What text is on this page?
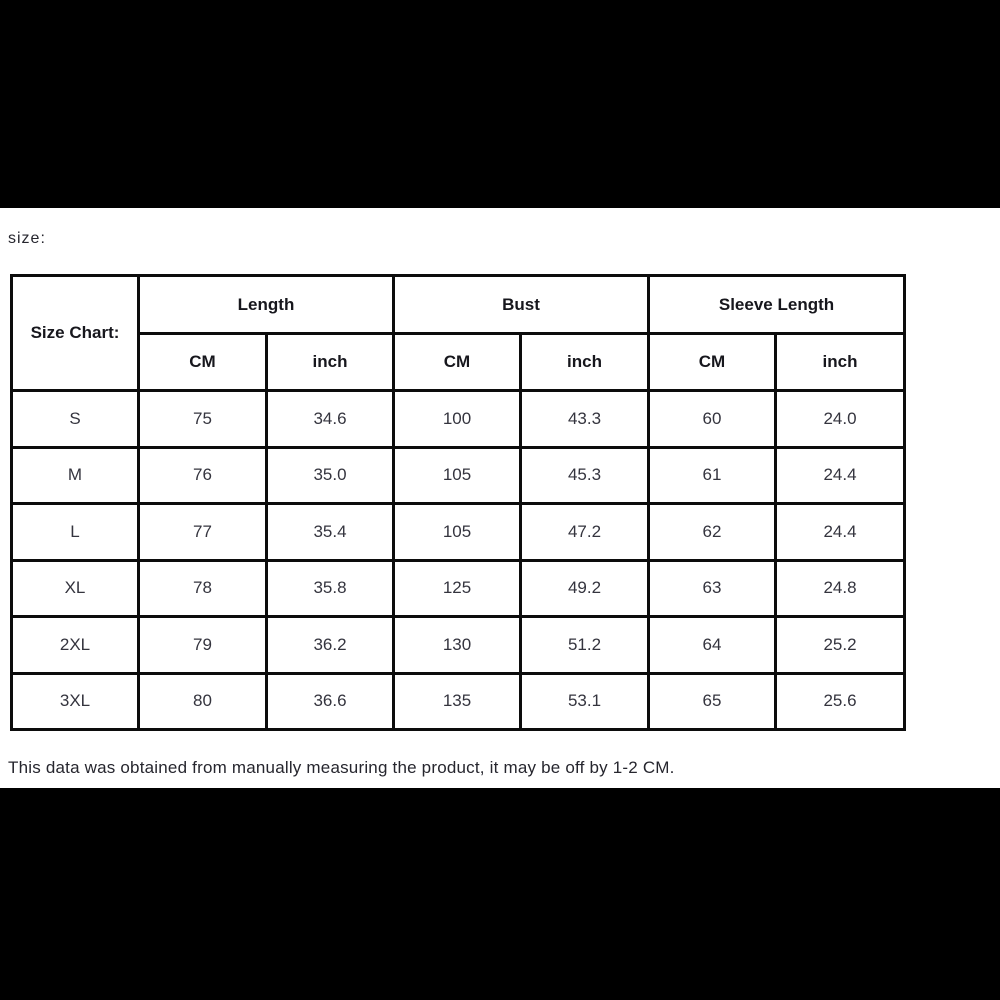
size:
Size Chart:	Length		Bust		Sleeve Length	
	CM	inch	CM	inch	CM	inch
S	75	34.6	100	43.3	60	24.0
M	76	35.0	105	45.3	61	24.4
L	77	35.4	105	47.2	62	24.4
XL	78	35.8	125	49.2	63	24.8
2XL	79	36.2	130	51.2	64	25.2
3XL	80	36.6	135	53.1	65	25.6
This data was obtained from manually measuring the product, it may be off by 1-2 CM.
